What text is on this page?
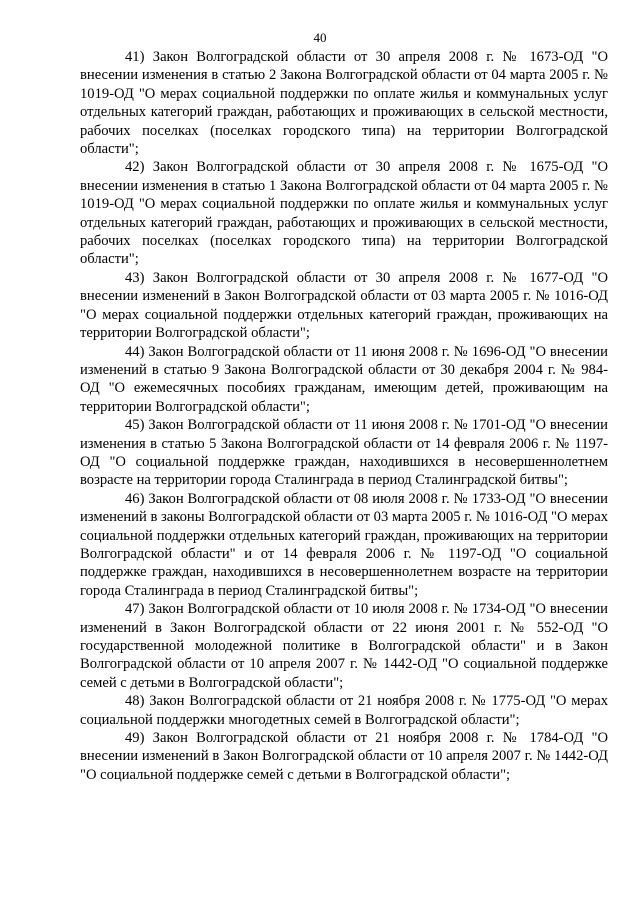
40

41) Закон Волгоградской области от 30 апреля 2008 г. № 1673-ОД "О внесении изменения в статью 2 Закона Волгоградской области от 04 марта 2005 г. № 1019-ОД "О мерах социальной поддержки по оплате жилья и коммунальных услуг отдельных категорий граждан, работающих и проживающих в сельской местности, рабочих поселках (поселках городского типа) на территории Волгоградской области";

42) Закон Волгоградской области от 30 апреля 2008 г. № 1675-ОД "О внесении изменения в статью 1 Закона Волгоградской области от 04 марта 2005 г. № 1019-ОД "О мерах социальной поддержки по оплате жилья и коммунальных услуг отдельных категорий граждан, работающих и проживающих в сельской местности, рабочих поселках (поселках городского типа) на территории Волгоградской области";

43) Закон Волгоградской области от 30 апреля 2008 г. № 1677-ОД "О внесении изменений в Закон Волгоградской области от 03 марта 2005 г. № 1016-ОД "О мерах социальной поддержки отдельных категорий граждан, проживающих на территории Волгоградской области";

44) Закон Волгоградской области от 11 июня 2008 г. № 1696-ОД "О внесении изменений в статью 9 Закона Волгоградской области от 30 декабря 2004 г. № 984-ОД "О ежемесячных пособиях гражданам, имеющим детей, проживающим на территории Волгоградской области";

45) Закон Волгоградской области от 11 июня 2008 г. № 1701-ОД "О внесении изменения в статью 5 Закона Волгоградской области от 14 февраля 2006 г. № 1197-ОД "О социальной поддержке граждан, находившихся в несовершеннолетнем возрасте на территории города Сталинграда в период Сталинградской битвы";

46) Закон Волгоградской области от 08 июля 2008 г. № 1733-ОД "О внесении изменений в законы Волгоградской области от 03 марта 2005 г. № 1016-ОД "О мерах социальной поддержки отдельных категорий граждан, проживающих на территории Волгоградской области" и от 14 февраля 2006 г. № 1197-ОД "О социальной поддержке граждан, находившихся в несовершеннолетнем возрасте на территории города Сталинграда в период Сталинградской битвы";

47) Закон Волгоградской области от 10 июля 2008 г. № 1734-ОД "О внесении изменений в Закон Волгоградской области от 22 июня 2001 г. № 552-ОД "О государственной молодежной политике в Волгоградской области" и в Закон Волгоградской области от 10 апреля 2007 г. № 1442-ОД "О социальной поддержке семей с детьми в Волгоградской области";

48) Закон Волгоградской области от 21 ноября 2008 г. № 1775-ОД "О мерах социальной поддержки многодетных семей в Волгоградской области";

49) Закон Волгоградской области от 21 ноября 2008 г. № 1784-ОД "О внесении изменений в Закон Волгоградской области от 10 апреля 2007 г. № 1442-ОД "О социальной поддержке семей с детьми в Волгоградской области";
